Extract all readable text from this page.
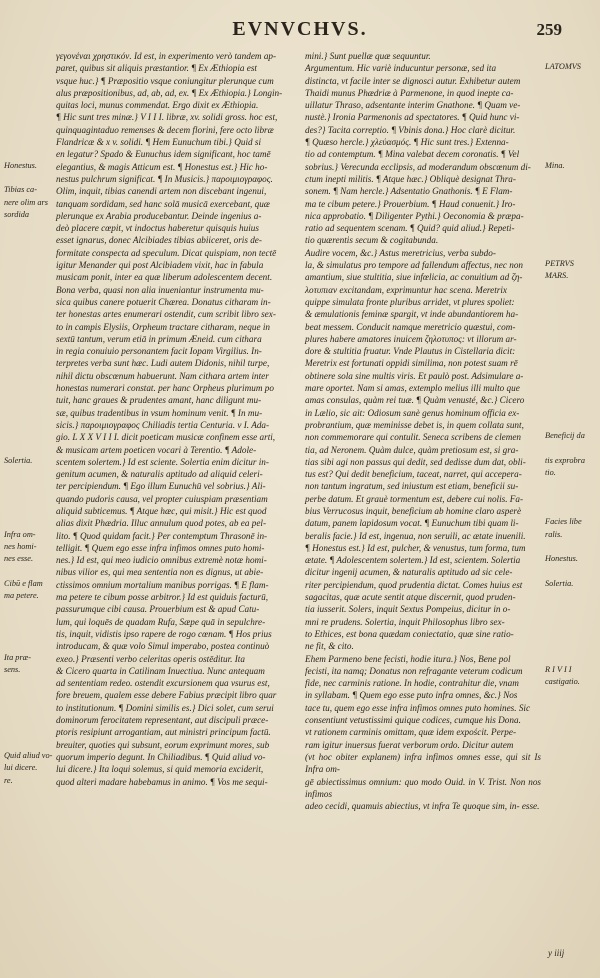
EVNVCHVS.	259

γεγονέναι χρηστικόν. Id est, in experimento verò tandem ap-

paret, quibus sit aliquis præstantior. ¶ Ex Æthiopia est

vsque huc.} ¶ Præpositio vsque coniungitur plerunque cum

alus præpositionibus, ad, ab, ad, ex. ¶ Ex Æthiopia.} Longin-

quitas loci, munus commendat. Ergo dixit ex Æthiopia.

¶ Hic sunt tres minæ.} V I I I. libræ, xv. solidi gross. hoc est,

quinquagintaduo remenses & decem florini, fere octo libræ

Flandricæ & x v. solidi. ¶ Hem Eunuchum tibi.} Quid si

en legatur? Spado & Eunuchus idem significant, hoc tamē

elegantius, & magis Atticum est. ¶ Honestus est.} Hic ho-

nestus pulchrum significat. ¶ In Musicis.} παροιμιογραφος.

Olim, inquit, tibias canendi artem non discebant ingenui,

tanquam sordidam, sed hanc solā musicā exercebant, quæ

plerunque ex Arabia producebantur. Deinde ingenius a-

deò placere cœpit, vt indoctus haberetur quisquis huius

esset ignarus, donec Alcibiades tibias abiiceret, oris de-

formitate conspecta ad speculum. Dicat quispiam, non tectē

igitur Menander qui post Alcibiadem vixit, hac in fabula

musicam ponit, inter ea quæ liberum adolescentem decent.

Bona verba, quasi non alia inueniantur instrumenta mu-

sica quibus canere potuerit Chærea. Donatus citharam in-

ter honestas artes enumerari ostendit, cum scribit libro sex-

to in campis Elysiis, Orpheum tractare citharam, neque in

sextū tantum, verum etiā in primum Æneid. cum cithara

in regia conuiuio personantem facit Iopam Virgilius. In-

terpretes verba sunt hæc. Ludi autem Didonis, nihil turpe,

nihil dictu obscœnum habuerunt. Nam cithara artem inter

honestas numerari constat. per hanc Orpheus plurimum po

tuit, hanc graues & prudentes amant, hanc diligunt mu-

sæ, quibus tradentibus in vsum hominum venit. ¶ In mu-

sicis.} παροιμιογραφος Chiliadis tertia Centuria. v I. Ada-

gio. L X X V I I I. dicit poeticam musicæ confinem esse arti,

& musicam artem poeticen vocari à Terentio. ¶ Adole-

scentem solertem.} Id est sciente. Solertia enim dicitur in-

genitum acumen, & naturalis aptitudo ad aliquid celeri-

ter percipiendum. ¶ Ego illum Eunuchū vel sobrius.} Ali-

quando pudoris causa, vel propter cuiuspiam præsentiam

aliquid subticemus. ¶ Atque hæc, qui misit.} Hic est quod

alias dixit Phædria. Illuc annulum quod potes, ab ea pel-

lito. ¶ Quod quidam facit.} Per contemptum Thrasonē in-

telligit. ¶ Quem ego esse infra infimos omnes puto homi-

nes.} Id est, qui meo iudicio omnibus extremè notæ homi-

nibus vilior es, qui mea sententia non es dignus, ut abie-

ctissimos omnium mortalium manibus porrigas. ¶ E flam-

ma petere te cibum posse arbitror.} Id est quiduis facturū,

passurumque cibi causa. Prouerbium est & apud Catu-

lum, qui loquēs de quadam Rufa, Sæpe quā in sepulchre-

tis, inquit, vidistis ipso rapere de rogo cœnam. ¶ Hos prius

introducam, & quæ volo Simul imperabo, postea continuò

exeo.} Præsenti verbo celeritas operis ostēditur. Ita

& Cicero quarta in Catilinam Inuectiua. Nunc antequam

ad sententiam redeo. ostendit excursionem qua vsurus est,

fore breuem, qualem esse debere Fabius præcipit libro quar

to institutionum. ¶ Domini similis es.} Dici solet, cum serui

dominorum ferocitatem representant, aut discipuli præce-

ptoris resipiunt arrogantiam, aut ministri principum factū.

breuiter, quoties qui subsunt, eorum exprimunt mores, sub

quorum imperio degunt. In Chiliadibus. ¶ Quid aliud vo-

lui dicere.} Ita loqui solemus, si quid memoria exciderit,

quod alteri madare habebamus in animo. ¶ Vos me sequi-

mini.} Sunt puellæ quæ sequuntur.

Argumentum. Hic variè inducuntur personæ, sed ita

distincta, vt facile inter se dignosci autur. Exhibetur autem

Thaidi munus Phædriæ à Parmenone, in quod inepte ca-

uillatur Thraso, adsentante interim Gnathone. ¶ Quam ve-

nustè.} Ironia Parmenonis ad spectatores. ¶ Quid hunc vi-

des?} Tacita correptio. ¶ Vbinis dona.} Hoc clarè dicitur.

¶ Quæso hercle.} χλεύασμός. ¶ Hic sunt tres.} Extenna-

tio ad contemptum. ¶ Mina valebat decem coronatis. ¶ Vel

sobrius.} Verecunda ecclipsis, ad moderandum obscœnum di-

ctum inepti militis. ¶ Atque hæc.} Obliquè designat Thra-

sonem. ¶ Nam hercle.} Adsentatio Gnathonis. ¶ E Flam-

ma te cibum petere.} Prouerbium. ¶ Haud conuenit.} Iro-

nica approbatio. ¶ Diligenter Pythi.} Oeconomia & præpa-

ratio ad sequentem scenam. ¶ Quid? quid aliud.} Repeti-

tio quærentis secum & cogitabunda.

Audire vocem, &c.} Astus meretricius, verba subdo-

la, & simulatus pro tempore ad fallendum affectus, nec non

amantium, siue stultitia, siue infœlicia, ac conuitium ad ζη-

λοτυπιαν excitandam, exprimuntur hac scena. Meretrix

quippe simulata fronte pluribus arridet, vt plures spoliet:

& æmulationis feminæ spargit, vt inde abundantiorem ha-

beat messem. Conducit namque meretricio quæstui, com-

plures habere amatores inuicem ζηλοτυπος: vt illorum ar-

dore & stultitia fruatur. Vnde Plautus in Cistellaria dicit:

Meretrix est fortunati oppidi similima, non potest suam rē

obtinere sola sine multis viris. Et paulò post. Adsimulare a-

mare oportet. Nam si amas, extemplo melius illi multo que

amas consulas, quàm rei tuæ. ¶ Quàm venusté, &c.} Cicero

in Lælio, sic ait: Odiosum sanè genus hominum officia ex-

probrantium, quæ meminisse debet is, in quem collata sunt,

non commemorare qui contulit. Seneca scribens de clemen

tia, ad Neronem. Quàm dulce, quàm pretiosum est, si gra-

tias sibi agi non passus qui dedit, sed dedisse dum dat, obli-

tus est? Qui dedit beneficium, taceat, narret, qui accepera-

non tantum ingratum, sed iniustum est etiam, beneficii su-

perbe datum. Et grauè tormentum est, debere cui nolis. Fa-

bius Verrucosus inquit, beneficium ab homine claro asperè

datum, panem lapidosum vocat. ¶ Eunuchum tibi quam li-

beralis facie.} Id est, ingenua, non seruili, ac ætate inuenili.

¶ Honestus est.} Id est, pulcher, & venustus, tum forma, tum

ætate. ¶ Adolescentem solertem.} Id est, scientem. Solertia

dicitur ingenij acumen, & naturalis aptitudo ad sic cele-

riter percipiendum, quod prudentia dictat. Comes huius est

sagacitas, quæ acute sentit atque discernit, quod pruden-

tia iusserit. Solers, inquit Sextus Pompeius, dicitur in o-

mni re prudens. Solertia, inquit Philosophus libro sex-

to Ethices, est bona quædam coniectatio, quæ sine ratio-

ne fit, & cito.

Ehem Parmeno bene fecisti, hodie itura.} Nos, Bene pol

fecisti, ita namq; Donatus non refragante veterum codicum

fide, nec carminis ratione. In hodie, contrahitur die, vnam

in syllabam. ¶ Quem ego esse puto infra omnes, &c.} Nos

tace tu, quem ego esse infra infimos omnes puto homines. Sic

consentiunt vetustissimi quique codices, cumque his Dona.

vt rationem carminis omittam, quæ idem expościt. Perpe-

ram igitur inuersus fuerat verborum ordo. Dicitur autem

(vt hoc obiter explanem) infra infimos omnes esse, qui sit Is Infra om-

gē abiectissimus omnium: quo modo Ouid. in V. Trist. Non nos infimos

adeo cecidi, quamuis abiectius, vt infra Te quoque sim, in- esse.

Honestus.
Tibias ca-
nere olim ars
sordida
Solertia.
Infra om-
nes homi-
nes esse.
Cibū e flam
ma petere.
Ita præ-
sens.
Quid aliud vo-
lui dicere.
re.
LATOMVS
Mina.
PETRVS
MARS.
Beneficij da
tis exprobra
tio.
Facies libe
ralis.
Honestus.
Solertia.
R I V I I
castigatio.
y iiij
